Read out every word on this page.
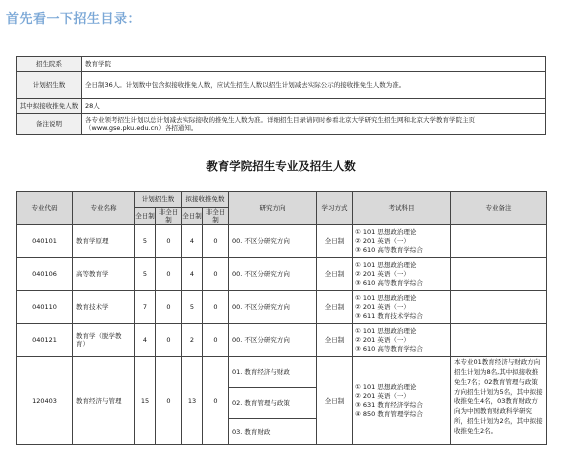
首先看一下招生目录：
招生院系	教育学院
计划招生数	全日制36人。计划数中包含拟接收推免人数，应试生招生人数以招生计划减去实际公示的接收推免生人数为准。
其中拟接收推免人数	28人
备注说明	各专业领考招生计划以总计划减去实际接收的推免生人数为准。详细招生目录请同时参看北京大学研究生招生网和北京大学教育学院主页（www.gse.pku.edu.cn）各招通知。
教育学院招生专业及招生人数
专业代码	专业名称	计划招生数		拟接收推免数		研究方向	学习方式	考试科目	专业备注
		全日制	非全日制	全日制	非全日制				
040101	教育学原理	5	0	4	0	00. 不区分研究方向	全日制	① 101 思想政治理论
② 201 英语（一）
③ 610 高等教育学综合	

040106	高等教育学	5	0	4	0	00. 不区分研究方向	全日制	① 101 思想政治理论
② 201 英语（一）
③ 610 高等教育学综合	

040110	教育技术学	7	0	5	0	00. 不区分研究方向	全日制	① 101 思想政治理论
② 201 英语（一）
③ 611 教育技术学综合	

040121	教育学（脱学教育）	4	0	2	0	00. 不区分研究方向	全日制	① 101 思想政治理论
② 201 英语（一）
③ 610 高等教育学综合	

120403	教育经济与管理	15	0	13	0	01. 教育经济与财政	全日制	① 101 思想政治理论
② 201 英语（一）
③ 631 教育经济学综合
④ 850 教育管理学综合	本专业01教育经济与财政方向招生计划为8名,其中拟接收推免生7名；02教育管理与政策方向招生计划为5名，其中拟接收推免生4名，03教育财政方向为中国教育财政科学研究所，招生计划为2名，其中拟接收推免生2名。
						02. 教育管理与政策			
						03. 教育财政			
